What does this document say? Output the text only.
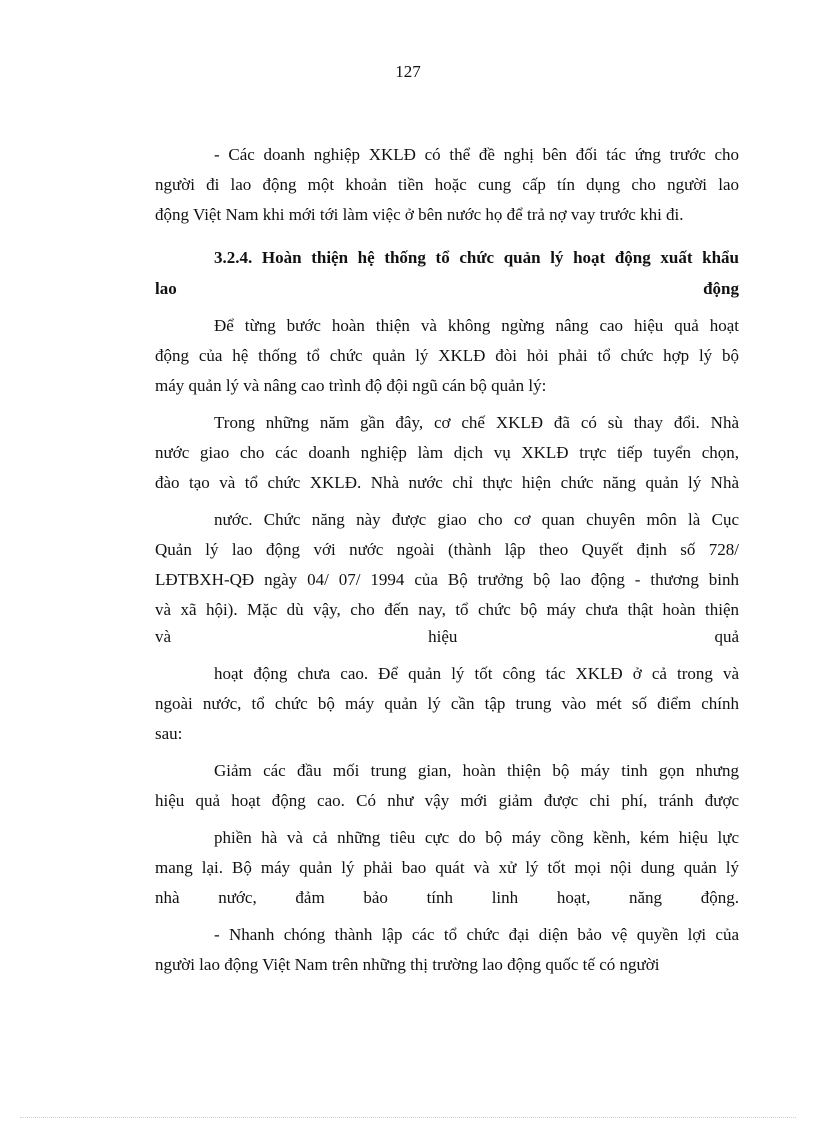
127
- Các doanh nghiệp XKLĐ có thể đề nghị bên đối tác ứng trước cho
người đi lao động một khoản tiền hoặc cung cấp tín dụng cho người lao
động Việt Nam khi mới tới làm việc ở bên nước họ để trả nợ vay trước khi đi.
3.2.4. Hoàn thiện hệ thống tổ chức quản lý hoạt động xuất khẩu
lao động
Để từng bước hoàn thiện và không ngừng nâng cao hiệu quả hoạt
động của hệ thống tổ chức quản lý XKLĐ đòi hỏi phải tổ chức hợp lý bộ
máy quản lý và nâng cao trình độ đội ngũ cán bộ quản lý:
Trong những năm gần đây, cơ chế XKLĐ đã có sù thay đổi. Nhà
nước giao cho các doanh nghiệp làm dịch vụ XKLĐ trực tiếp tuyển chọn,
đào tạo và tổ chức XKLĐ. Nhà nước chỉ thực hiện chức năng quản lý Nhà
nước. Chức năng này được giao cho cơ quan chuyên môn là Cục
Quản lý lao động với nước ngoài (thành lập theo Quyết định số 728/
LĐTBXH-QĐ ngày 04/ 07/ 1994 của Bộ trưởng bộ lao động - thương binh
và xã hội). Mặc dù vậy, cho đến nay, tổ chức bộ máy chưa thật hoàn thiện
và hiệu quả
hoạt động chưa cao. Để quản lý tốt công tác XKLĐ ở cả trong và
ngoài nước, tổ chức bộ máy quản lý cần tập trung vào mét số điểm chính
sau:
Giảm các đầu mối trung gian, hoàn thiện bộ máy tinh gọn nhưng
hiệu quả hoạt động cao. Có như vậy mới giảm được chi phí, tránh được
phiền hà và cả những tiêu cực do bộ máy cồng kềnh, kém hiệu lực
mang lại. Bộ máy quản lý phải bao quát và xử lý tốt mọi nội dung quản lý
nhà nước, đảm bảo tính linh hoạt, năng động.
- Nhanh chóng thành lập các tổ chức đại diện bảo vệ quyền lợi của
người lao động Việt Nam trên những thị trường lao động quốc tế có người
